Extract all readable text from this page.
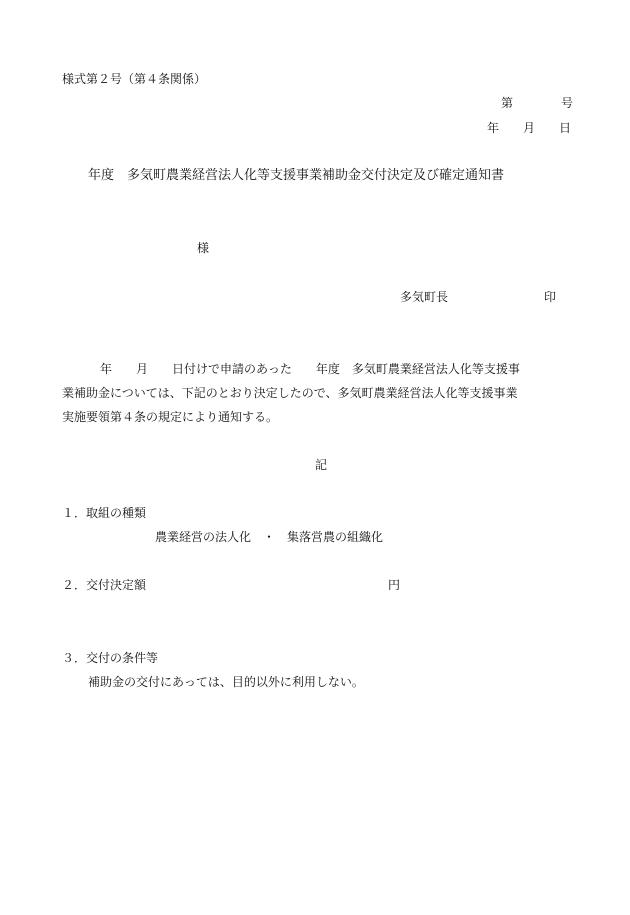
様式第２号（第４条関係）
第　　　　号
年　　月　　日
年度　多気町農業経営法人化等支援事業補助金交付決定及び確定通知書
様
多気町長　　　　　　　　印
年　　月　　日付けで申請のあった　　年度　多気町農業経営法人化等支援事
業補助金については、下記のとおり決定したので、多気町農業経営法人化等支援事業
実施要領第４条の規定により通知する。
記
１．取組の種類
農業経営の法人化　・　集落営農の組織化
２．交付決定額	円
３．交付の条件等
補助金の交付にあっては、目的以外に利用しない。
